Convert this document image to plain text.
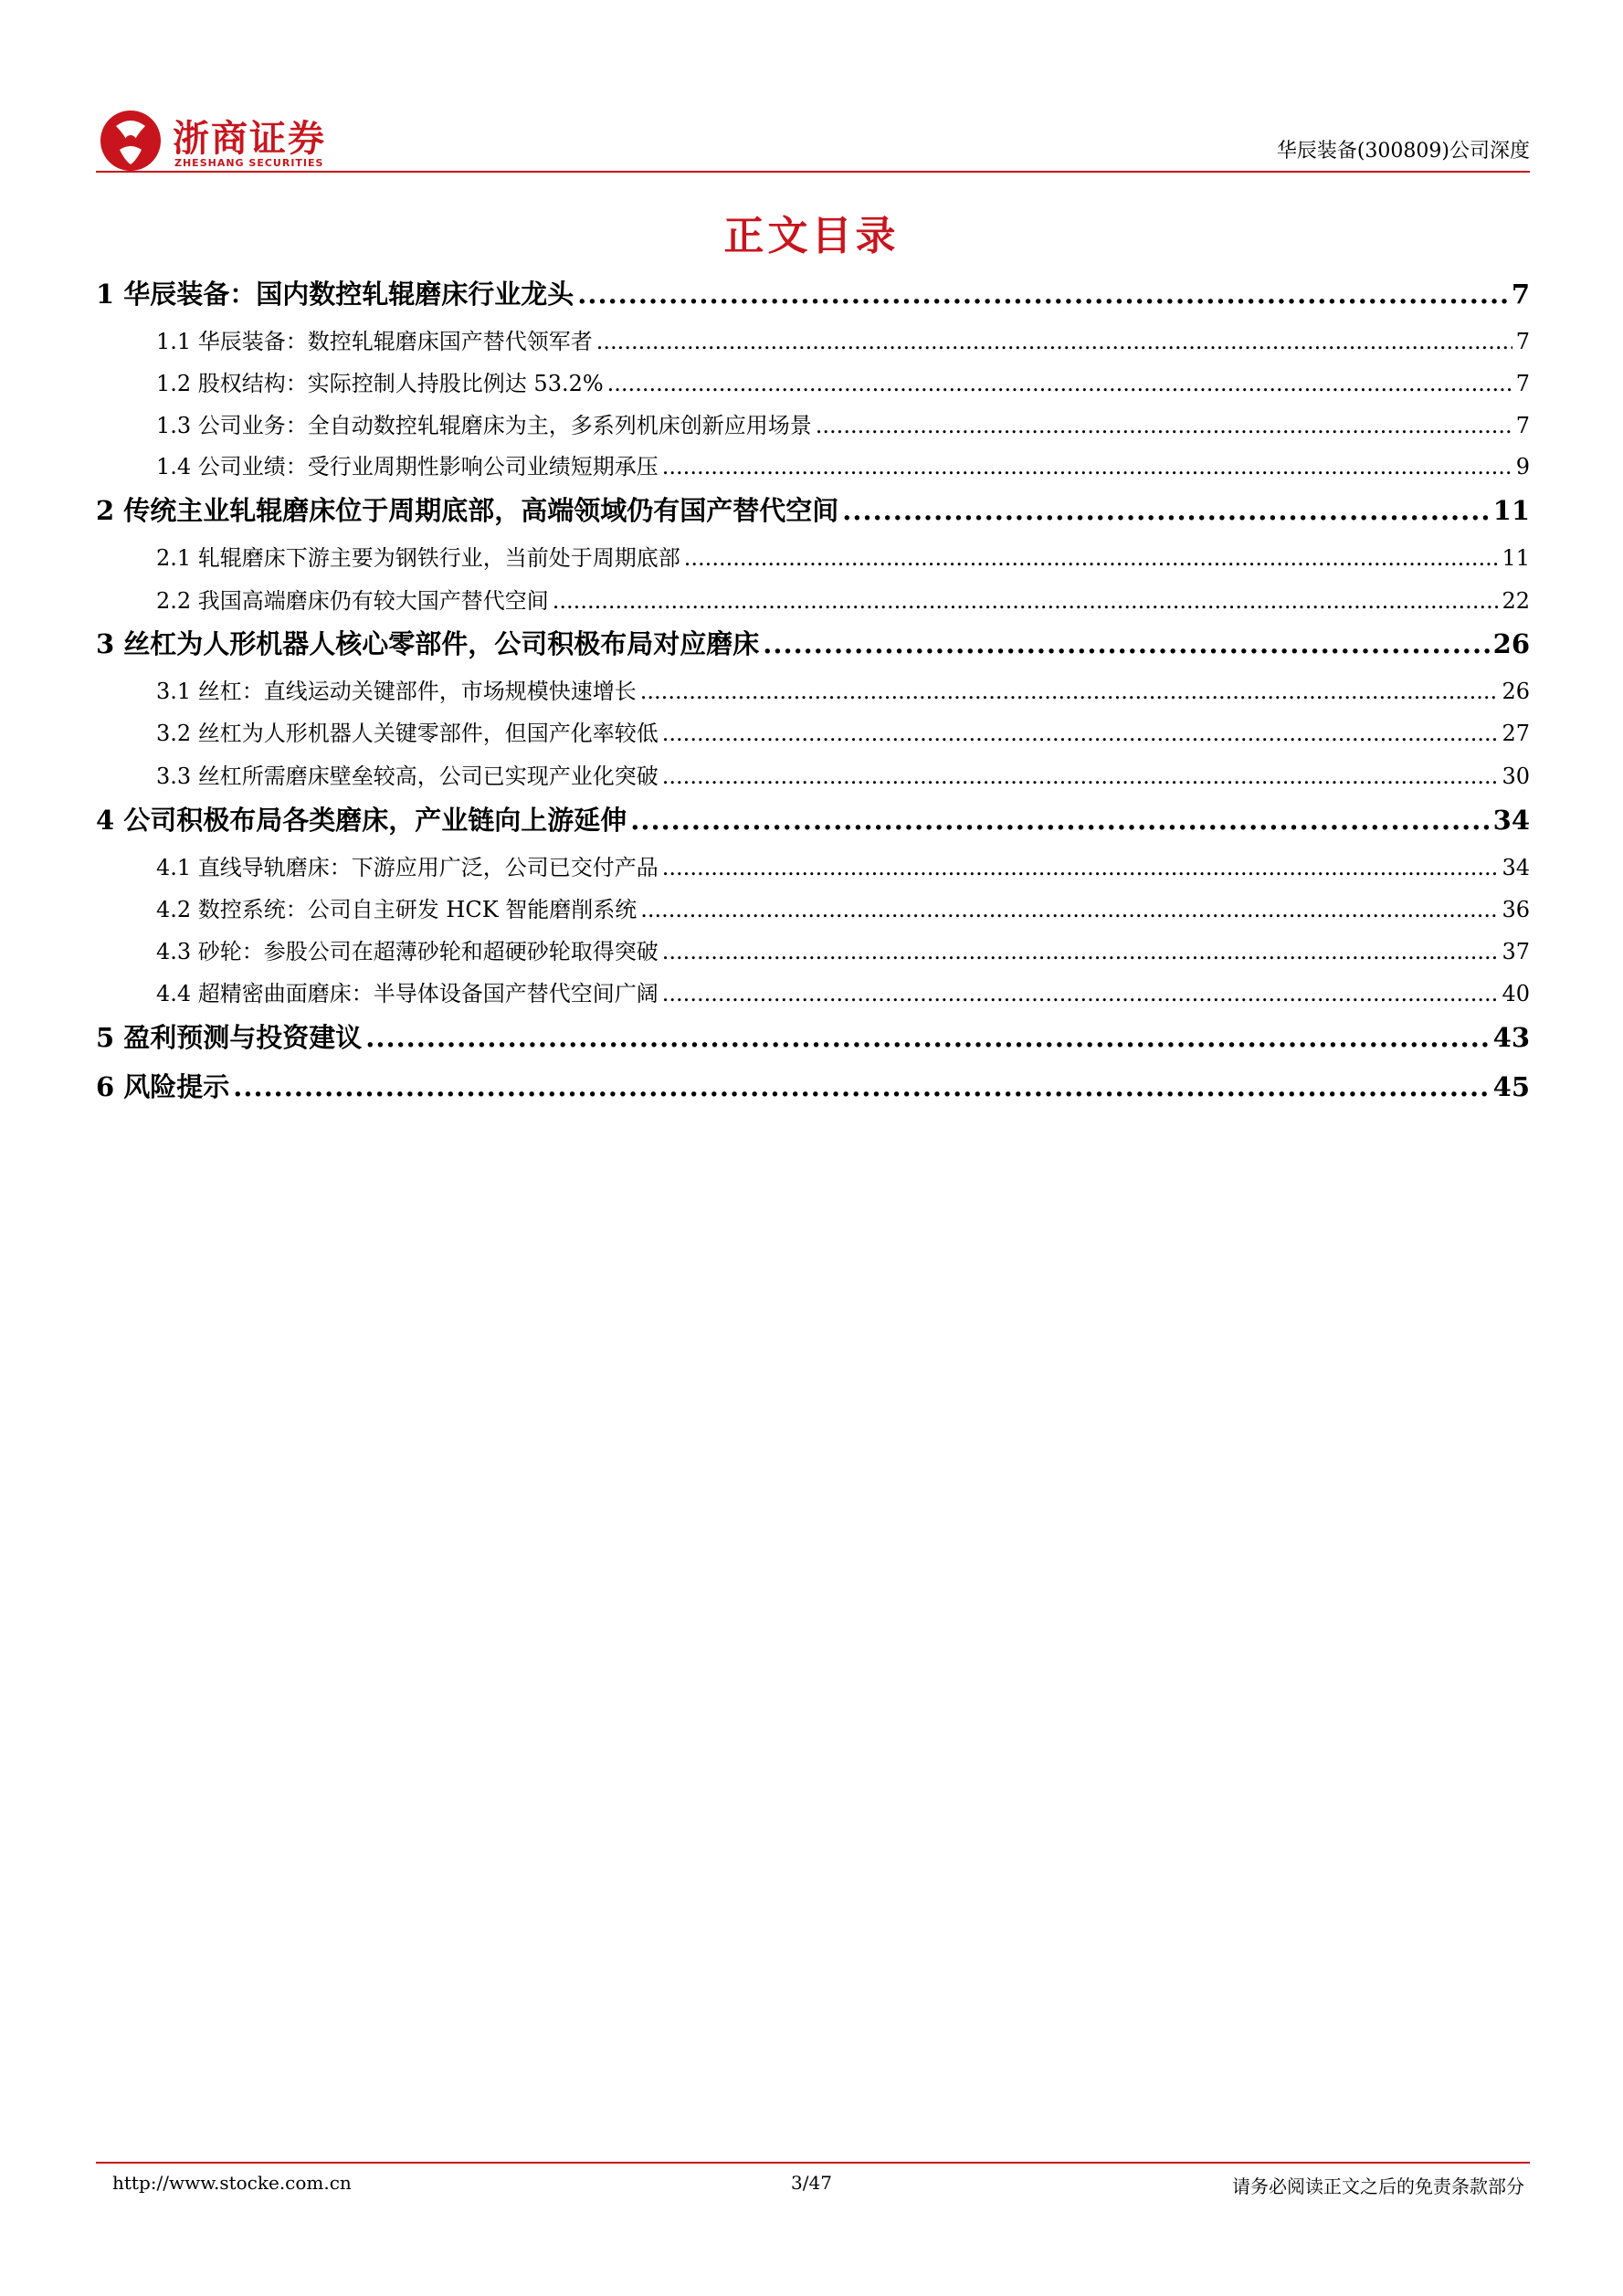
浙商证券
ZHESHANG SECURITIES
华辰装备(300809)公司深度
正文目录
1 华辰装备：国内数控轧辊磨床行业龙头 .....	7
1.1 华辰装备：数控轧辊磨床国产替代领军者 .....	7
1.2 股权结构：实际控制人持股比例达 53.2% .....	7
1.3 公司业务：全自动数控轧辊磨床为主，多系列机床创新应用场景 .....	7
1.4 公司业绩：受行业周期性影响公司业绩短期承压 .....	9
2 传统主业轧辊磨床位于周期底部，高端领域仍有国产替代空间 .....	11
2.1 轧辊磨床下游主要为钢铁行业，当前处于周期底部 .....	11
2.2 我国高端磨床仍有较大国产替代空间 .....	22
3 丝杠为人形机器人核心零部件，公司积极布局对应磨床 .....	26
3.1 丝杠：直线运动关键部件，市场规模快速增长 .....	26
3.2 丝杠为人形机器人关键零部件，但国产化率较低 .....	27
3.3 丝杠所需磨床壁垒较高，公司已实现产业化突破 .....	30
4 公司积极布局各类磨床，产业链向上游延伸 .....	34
4.1 直线导轨磨床：下游应用广泛，公司已交付产品 .....	34
4.2 数控系统：公司自主研发 HCK 智能磨削系统 .....	36
4.3 砂轮：参股公司在超薄砂轮和超硬砂轮取得突破 .....	37
4.4 超精密曲面磨床：半导体设备国产替代空间广阔 .....	40
5 盈利预测与投资建议 .....	43
6 风险提示 .....	45
http://www.stocke.com.cn	3/47	请务必阅读正文之后的免责条款部分
